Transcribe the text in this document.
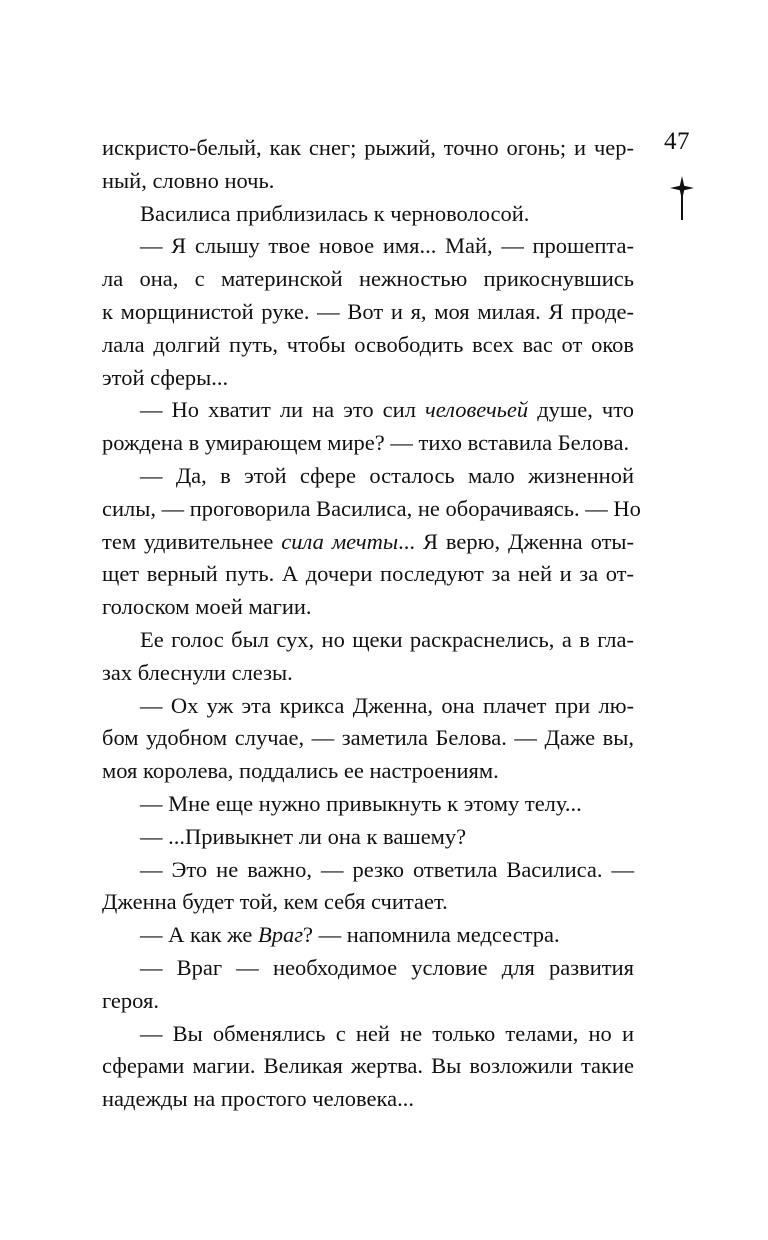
47
искристо-белый, как снег; рыжий, точно огонь; и чер-
ный, словно ночь.
Василиса приблизилась к черноволосой.
— Я слышу твое новое имя... Май, — прошепта-
ла она, с материнской нежностью прикоснувшись
к морщинистой руке. — Вот и я, моя милая. Я проде-
лала долгий путь, чтобы освободить всех вас от оков
этой сферы...
— Но хватит ли на это сил человечьей душе, что
рождена в умирающем мире? — тихо вставила Белова.
— Да, в этой сфере осталось мало жизненной
силы, — проговорила Василиса, не оборачиваясь. — Но
тем удивительнее сила мечты... Я верю, Дженна оты-
щет верный путь. А дочери последуют за ней и за от-
голоском моей магии.
Ее голос был сух, но щеки раскраснелись, а в гла-
зах блеснули слезы.
— Ох уж эта крикса Дженна, она плачет при лю-
бом удобном случае, — заметила Белова. — Даже вы,
моя королева, поддались ее настроениям.
— Мне еще нужно привыкнуть к этому телу...
— ...Привыкнет ли она к вашему?
— Это не важно, — резко ответила Василиса. —
Дженна будет той, кем себя считает.
— А как же Враг? — напомнила медсестра.
— Враг — необходимое условие для развития
героя.
— Вы обменялись с ней не только телами, но и
сферами магии. Великая жертва. Вы возложили такие
надежды на простого человека...
